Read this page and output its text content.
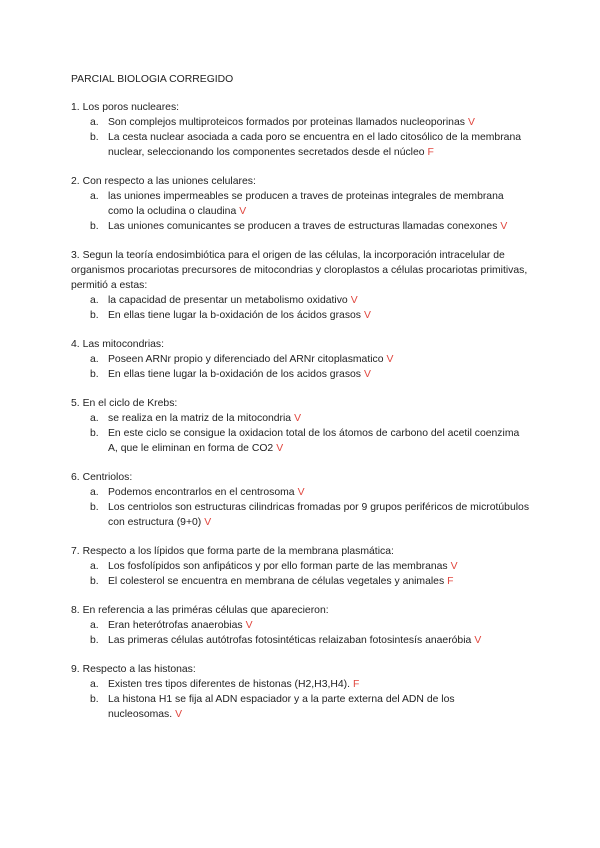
PARCIAL BIOLOGIA CORREGIDO

1. Los poros nucleares:

a. Son complejos multiproteicos formados por proteinas llamados nucleoporinas V
b. La cesta nuclear asociada a cada poro se encuentra en el lado citosólico de la membrana nuclear, seleccionando los componentes secretados desde el núcleo F

2. Con respecto a las uniones celulares:

a. las uniones impermeables se producen a traves de proteinas integrales de membrana como la ocludina o claudina V
b. Las uniones comunicantes se producen a traves de estructuras llamadas conexones V

3. Segun la teoría endosimbiótica para el origen de las células, la incorporación intracelular de organismos procariotas precursores de mitocondrias y cloroplastos a células procariotas primitivas, permitió a estas:

a. la capacidad de presentar un metabolismo oxidativo V
b. En ellas tiene lugar la b-oxidación de los ácidos grasos V

4. Las mitocondrias:

a. Poseen ARNr propio y diferenciado del ARNr citoplasmatico V
b. En ellas tiene lugar la b-oxidación de los acidos grasos V

5. En el ciclo de Krebs:

a. se realiza en la matriz de la mitocondria V
b. En este ciclo se consigue la oxidacion total de los átomos de carbono del acetil coenzima A, que le eliminan en forma de CO2 V

6. Centriolos:

a. Podemos encontrarlos en el centrosoma V
b. Los centriolos son estructuras cilindricas fromadas por 9 grupos periféricos de microtúbulos con estructura (9+0) V

7. Respecto a los lípidos que forma parte de la membrana plasmática:

a. Los fosfolípidos son anfipáticos y por ello forman parte de las membranas V
b. El colesterol se encuentra en membrana de células vegetales y animales F

8. En referencia a las priméras células que aparecieron:

a. Eran heterótrofas anaerobias V
b. Las primeras células autótrofas fotosintéticas relaizaban fotosintesís anaeróbia V

9. Respecto a las histonas:

a. Existen tres tipos diferentes de histonas (H2,H3,H4). F
b. La histona H1 se fija al ADN espaciador y a la parte externa del ADN de los nucleosomas. V
